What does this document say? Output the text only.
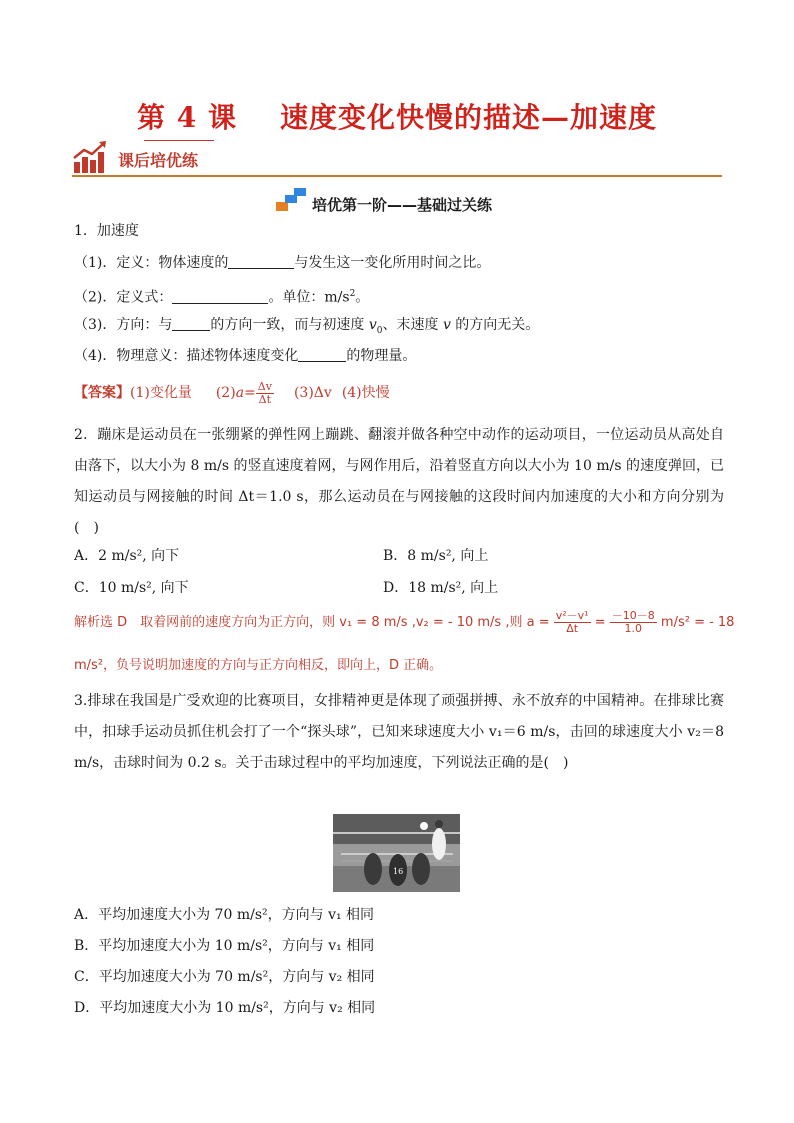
第 4 课    速度变化快慢的描述—加速度
课后培优练
培优第一阶——基础过关练
1．加速度
（1)．定义：物体速度的	与发生这一变化所用时间之比。
（2)．定义式：	。单位：$m/s^2$。
（3)．方向：与	的方向一致，而与初速度 $v_0$、末速度 v 的方向无关。
（4)．物理意义：描述物体速度变化	的物理量。
【答案】(1)变化量 $(2)a= \frac{\Delta v}{\Delta t} (3)\Delta v$ (4)快慢
2．蹦床是运动员在一张绷紧的弹性网上蹦跳、翻滚并做各种空中动作的运动项目，一位运动员从高处自由落下，以大小为 8 m/s 的竖直速度着网，与网作用后，沿着竖直方向以大小为 10 m/s 的速度弹回，已知运动员与网接触的时间 Δt＝1.0 s，那么运动员在与网接触的这段时间内加速度的大小和方向分别为(　)
A．2 m/s², 向下	B．8 m/s², 向上
C．10 m/s², 向下	D．18 m/s², 向上
解析选 D　取着网前的速度方向为正方向，则 v₁ = 8 m/s ,v₂ = - 10 m/s ,则 $a = \frac{\text{v²－v¹}}{\Delta t} = \frac{-10-8}{1.0} m/s^2$ = - 18
m/s²，负号说明加速度的方向与正方向相反，即向上，D 正确。
3.排球在我国是广受欢迎的比赛项目，女排精神更是体现了顽强拼搏、永不放弃的中国精神。在排球比赛中，扣球手运动员抓住机会打了一个“探头球”，已知来球速度大小 v₁＝6 m/s，击回的球速度大小 v₂＝8 m/s，击球时间为 0.2 s。关于击球过程中的平均加速度，下列说法正确的是(　)
16
A．平均加速度大小为 70 m/s²，方向与 v₁ 相同
B．平均加速度大小为 10 m/s²，方向与 v₁ 相同
C．平均加速度大小为 70 m/s²，方向与 v₂ 相同
D．平均加速度大小为 10 m/s²，方向与 v₂ 相同
